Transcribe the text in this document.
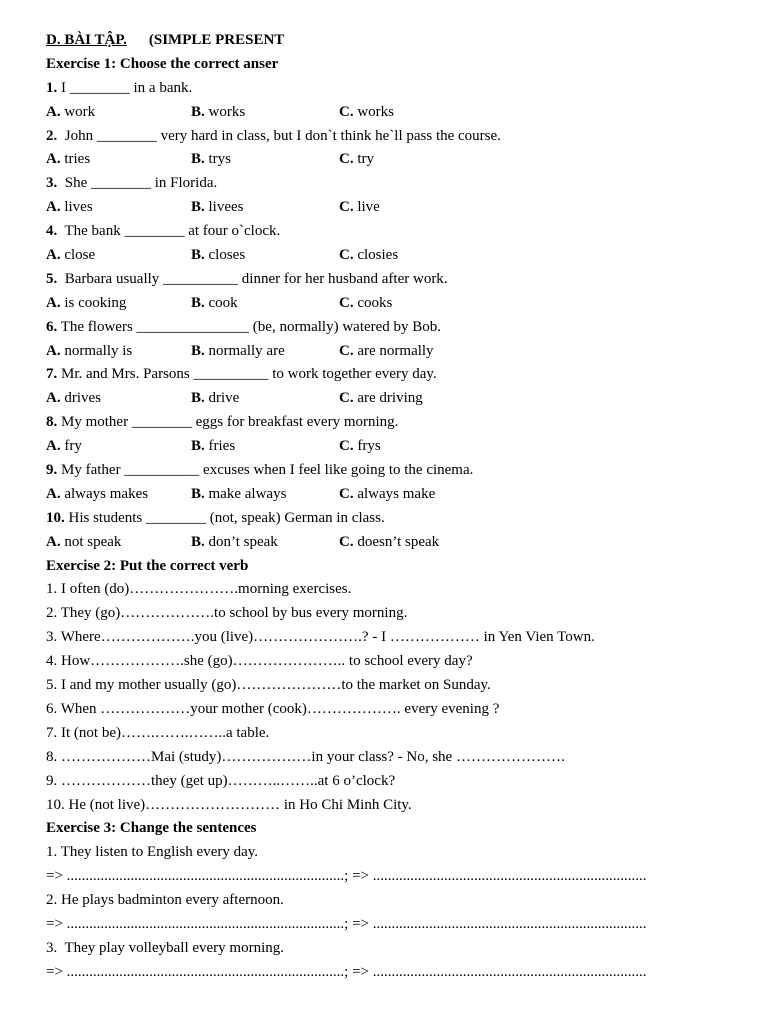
D. BÀI TẬP. (SIMPLE PRESENT
Exercise 1: Choose the correct anser
1. I ________ in a bank.
A. work	B. works	C. works
2.  John ________ very hard in class, but I don`t think he`ll pass the course.
A. tries	B. trys	C. try
3.  She ________ in Florida.
A. lives	B. livees	C. live
4.  The bank ________ at four o`clock.
A. close	B. closes	C. closies
5.  Barbara usually __________ dinner for her husband after work.
A. is cooking	B. cook	C. cooks
6. The flowers _______________ (be, normally) watered by Bob.
A. normally is	B. normally are	C. are normally
7. Mr. and Mrs. Parsons __________ to work together every day.
A. drives	B. drive	C. are driving
8. My mother ________ eggs for breakfast every morning.
A. fry	B. fries	C. frys
9. My father __________ excuses when I feel like going to the cinema.
A. always makes	B. make always	C. always make
10. His students ________ (not, speak) German in class.
A. not speak	B. don’t speak	C. doesn’t speak
Exercise 2: Put the correct verb
1. I often (do)………………….morning exercises.
2. They (go)……………….to school by bus every morning.
3. Where……………….you (live)………………….? - I ……………… in Yen Vien Town.
4. How……………….she (go)………………….. to school every day?
5. I and my mother usually (go)…………………to the market on Sunday.
6. When ………………your mother (cook)………………. every evening ?
7. It (not be)…….…….……..a table.
8. ………………Mai (study)………………in your class? - No, she ………………….
9. ………………they (get up)………..……..at 6 o’clock?
10. He (not live)……………………… in Ho Chi Minh City.
Exercise 3: Change the sentences
1. They listen to English every day.
=> ..........................................................................; => .........................................................................
2. He plays badminton every afternoon.
=> ..........................................................................; => .........................................................................
3.  They play volleyball every morning.
=> ..........................................................................; => .........................................................................
